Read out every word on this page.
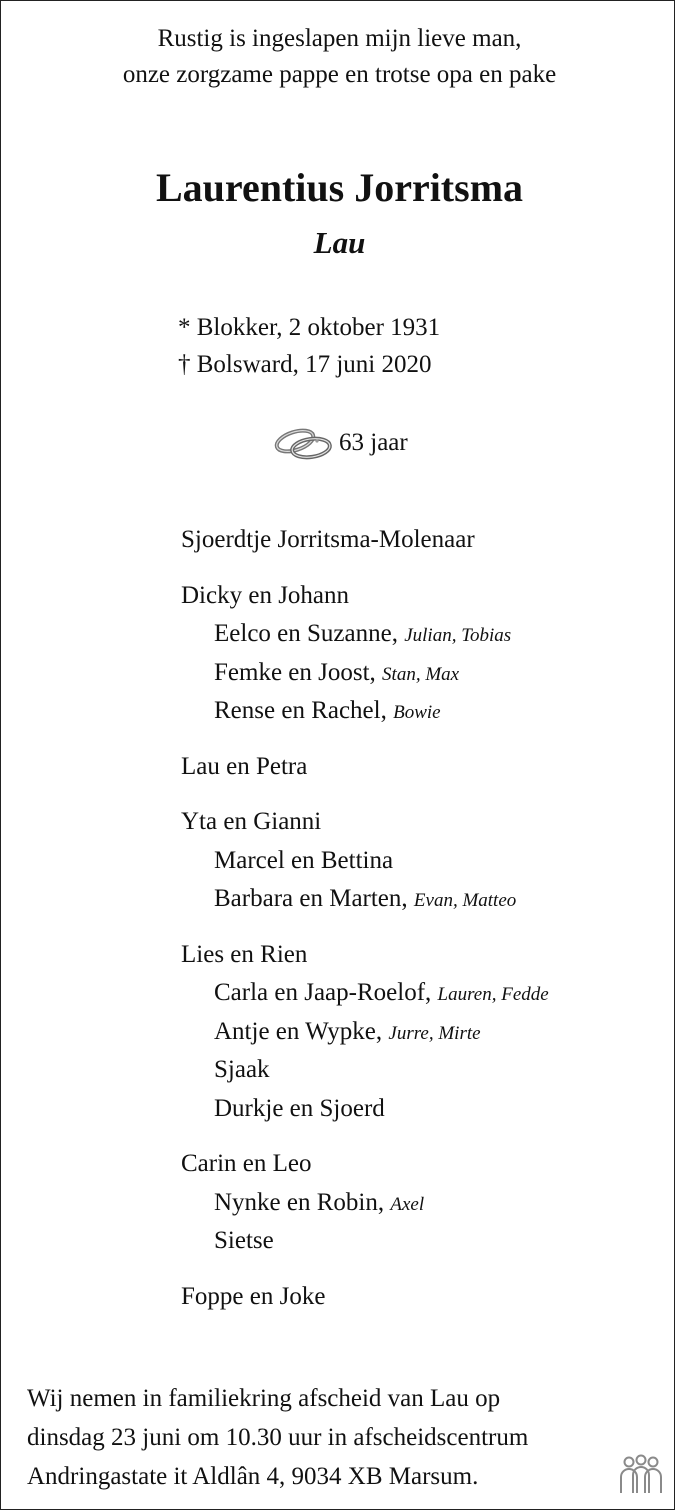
Rustig is ingeslapen mijn lieve man,
onze zorgzame pappe en trotse opa en pake
Laurentius Jorritsma
Lau
* Blokker, 2 oktober 1931
† Bolsward, 17 juni 2020
63 jaar
Sjoerdtje Jorritsma-Molenaar
Dicky en Johann
Eelco en Suzanne, Julian, Tobias
Femke en Joost, Stan, Max
Rense en Rachel, Bowie
Lau en Petra
Yta en Gianni
Marcel en Bettina
Barbara en Marten, Evan, Matteo
Lies en Rien
Carla en Jaap-Roelof, Lauren, Fedde
Antje en Wypke, Jurre, Mirte
Sjaak
Durkje en Sjoerd
Carin en Leo
Nynke en Robin, Axel
Sietse
Foppe en Joke
Wij nemen in familiekring afscheid van Lau op
dinsdag 23 juni om 10.30 uur in afscheidscentrum
Andringastate it Aldlân 4, 9034 XB Marsum.
